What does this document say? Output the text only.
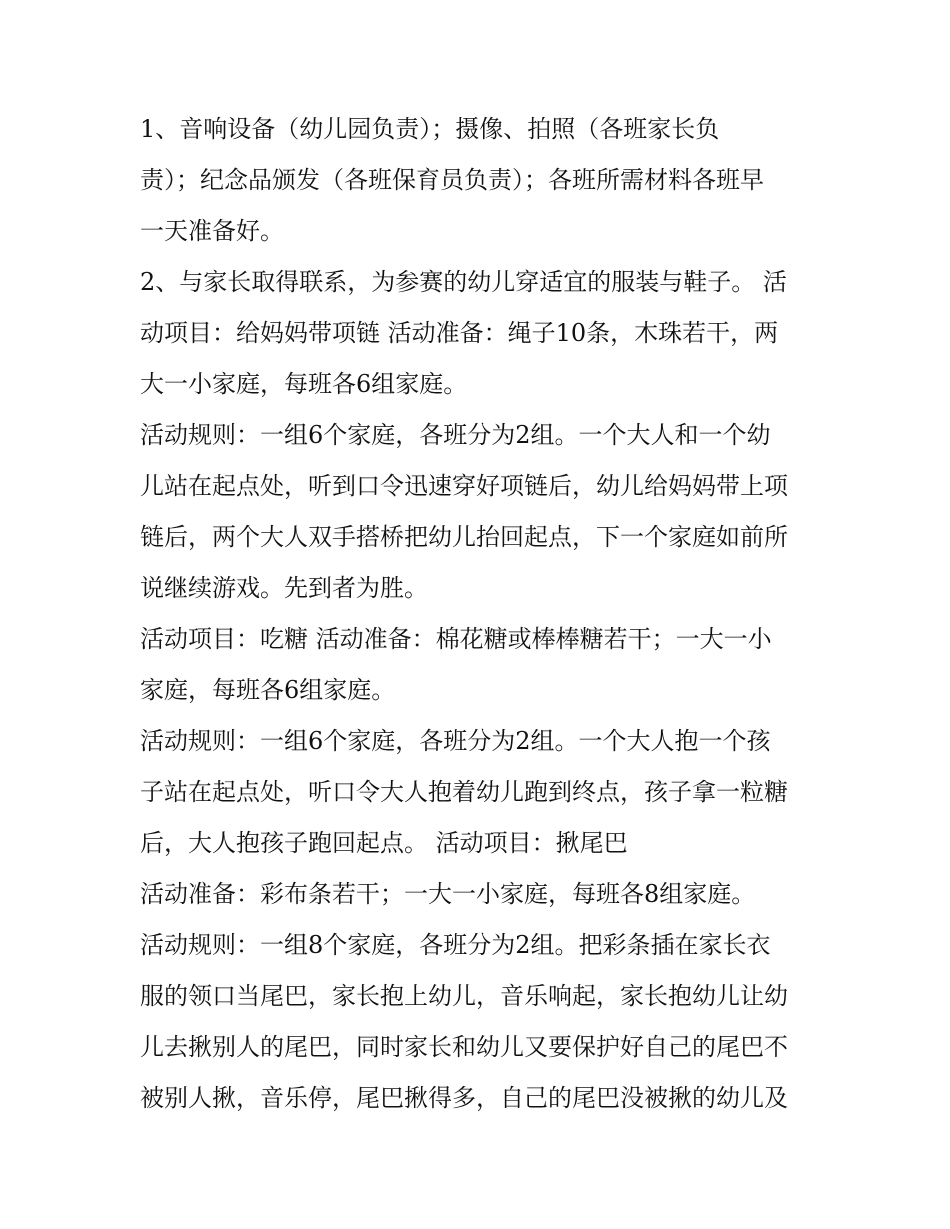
1、音响设备（幼儿园负责）；摄像、拍照（各班家长负
责）；纪念品颁发（各班保育员负责）；各班所需材料各班早
一天准备好。
2、与家长取得联系，为参赛的幼儿穿适宜的服装与鞋子。 活
动项目：给妈妈带项链 活动准备：绳子10条，木珠若干，两
大一小家庭，每班各6组家庭。
活动规则：一组6个家庭，各班分为2组。一个大人和一个幼
儿站在起点处，听到口令迅速穿好项链后，幼儿给妈妈带上项
链后，两个大人双手搭桥把幼儿抬回起点，下一个家庭如前所
说继续游戏。先到者为胜。
活动项目：吃糖 活动准备：棉花糖或棒棒糖若干；一大一小
家庭，每班各6组家庭。
活动规则：一组6个家庭，各班分为2组。一个大人抱一个孩
子站在起点处，听口令大人抱着幼儿跑到终点，孩子拿一粒糖
后，大人抱孩子跑回起点。 活动项目：揪尾巴
活动准备：彩布条若干；一大一小家庭，每班各8组家庭。
活动规则：一组8个家庭，各班分为2组。把彩条插在家长衣
服的领口当尾巴，家长抱上幼儿，音乐响起，家长抱幼儿让幼
儿去揪别人的尾巴，同时家长和幼儿又要保护好自己的尾巴不
被别人揪，音乐停，尾巴揪得多，自己的尾巴没被揪的幼儿及
